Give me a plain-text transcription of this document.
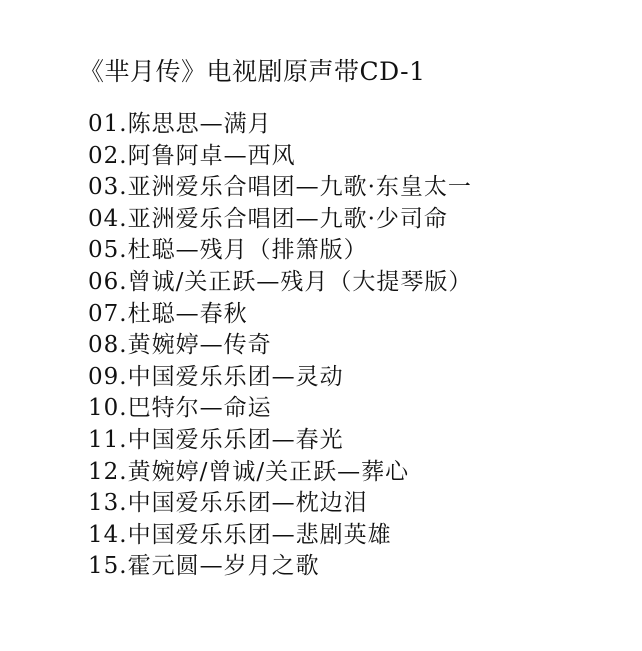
《芈月传》电视剧原声带CD-1
01.陈思思—满月
02.阿鲁阿卓—西风
03.亚洲爱乐合唱团—九歌·东皇太一
04.亚洲爱乐合唱团—九歌·少司命
05.杜聪—残月（排箫版）
06.曾诚/关正跃—残月（大提琴版）
07.杜聪—春秋
08.黄婉婷—传奇
09.中国爱乐乐团—灵动
10.巴特尔—命运
11.中国爱乐乐团—春光
12.黄婉婷/曾诚/关正跃—葬心
13.中国爱乐乐团—枕边泪
14.中国爱乐乐团—悲剧英雄
15.霍元圆—岁月之歌
